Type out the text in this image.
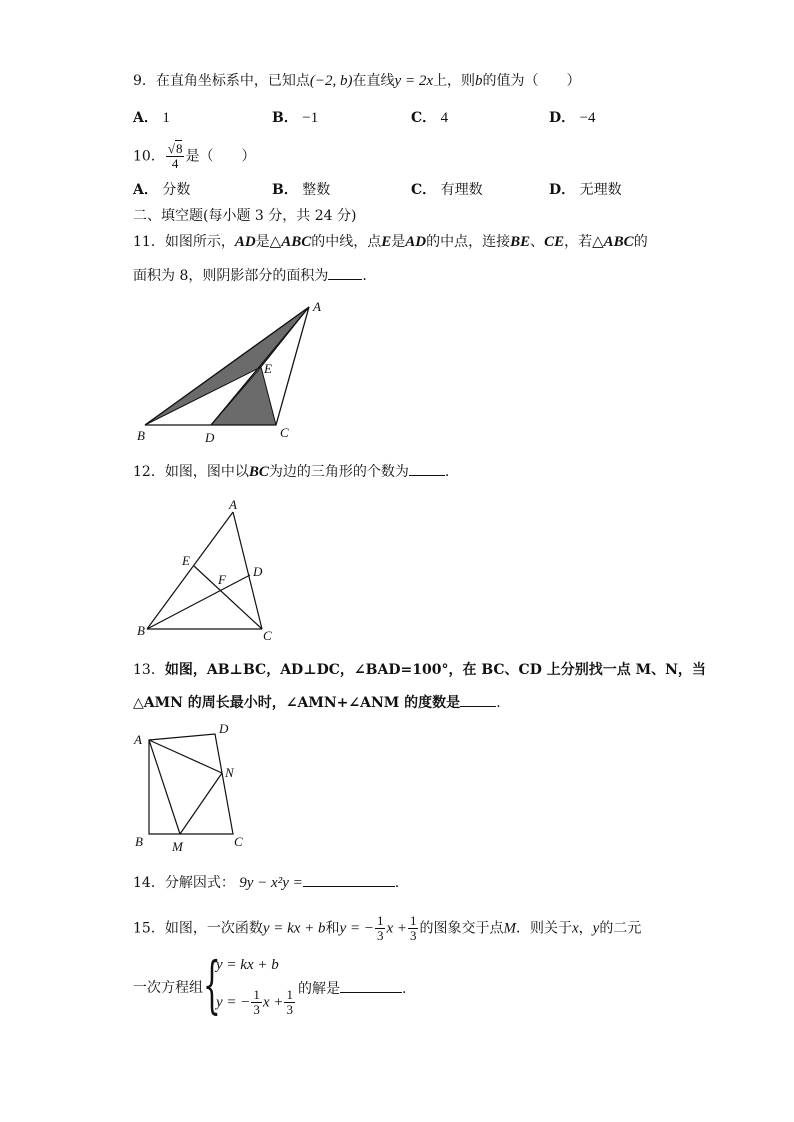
9．在直角坐标系中，已知点(−2, b)在直线y = 2x上，则b的值为（　　）
A． 1	B． −1	C． 4	D． −4
10． $\frac{√8}{4}$ 是（　　）
A． 分数	B． 整数	C． 有理数	D． 无理数
二、填空题(每小题 3 分，共 24 分)
11．如图所示，AD是△ABC的中线，点E是AD的中点，连接BE、CE，若△ABC的
面积为 8，则阴影部分的面积为 .
A
B	D	C
E
12．如图，图中以BC为边的三角形的个数为	.
A
E
F
D
B	C
13．如图，AB⊥BC，AD⊥DC，∠BAD=100°，在 BC、CD 上分别找一点 M、N，当
△AMN 的周长最小时，∠AMN+∠ANM 的度数是	.
A
D
N
B M	C
14．分解因式： 9y − x²y =	.
15．如图，一次函数y = kx + b和y = − $\frac{1}{3}$ $x + \frac{1}{3}$ 的图象交于点M．则关于x，y的二元
一次方程组 {
y = kx + b
y = − $\frac{1}{3}$ $x + \frac{1}{3}$ 的解是	.
